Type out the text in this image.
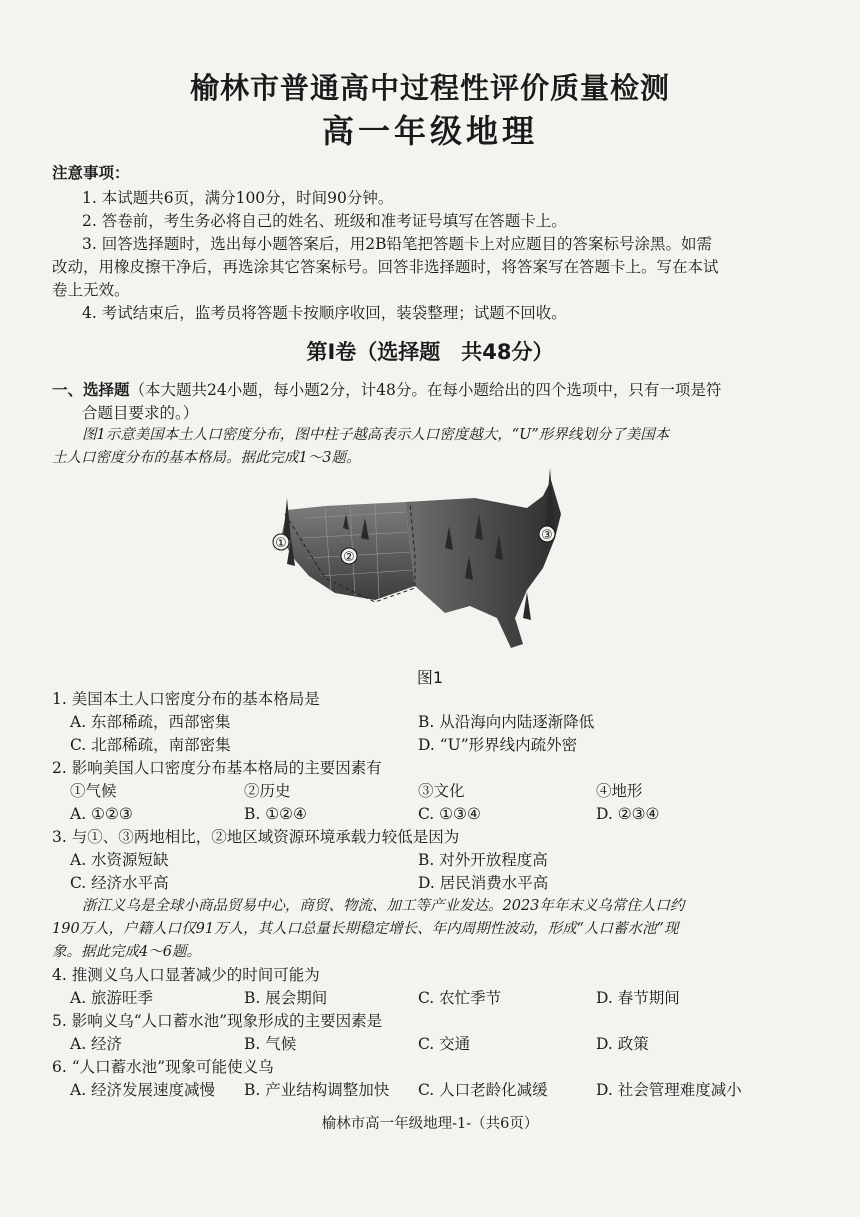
榆林市普通高中过程性评价质量检测
高一年级地理
注意事项：
1. 本试题共6页，满分100分，时间90分钟。
2. 答卷前，考生务必将自己的姓名、班级和准考证号填写在答题卡上。
3. 回答选择题时，选出每小题答案后，用2B铅笔把答题卡上对应题目的答案标号涂黑。如需
改动，用橡皮擦干净后，再选涂其它答案标号。回答非选择题时，将答案写在答题卡上。写在本试
卷上无效。
4. 考试结束后，监考员将答题卡按顺序收回，装袋整理；试题不回收。
第Ⅰ卷（选择题　共48分）
一、选择题（本大题共24小题，每小题2分，计48分。在每小题给出的四个选项中，只有一项是符
合题目要求的。）
图1示意美国本土人口密度分布，图中柱子越高表示人口密度越大，“U”形界线划分了美国本
土人口密度分布的基本格局。据此完成1～3题。
①
②
③
图1
1. 美国本土人口密度分布的基本格局是
A. 东部稀疏，西部密集	B. 从沿海向内陆逐渐降低
C. 北部稀疏，南部密集	D. “U”形界线内疏外密
2. 影响美国人口密度分布基本格局的主要因素有
①气候	②历史	③文化	④地形
A. ①②③	B. ①②④	C. ①③④	D. ②③④
3. 与①、③两地相比，②地区域资源环境承载力较低是因为
A. 水资源短缺	B. 对外开放程度高
C. 经济水平高	D. 居民消费水平高
浙江义乌是全球小商品贸易中心，商贸、物流、加工等产业发达。2023年年末义乌常住人口约
190万人，户籍人口仅91万人，其人口总量长期稳定增长、年内周期性波动，形成“人口蓄水池”现
象。据此完成4～6题。
4. 推测义乌人口显著减少的时间可能为
A. 旅游旺季	B. 展会期间	C. 农忙季节	D. 春节期间
5. 影响义乌“人口蓄水池”现象形成的主要因素是
A. 经济	B. 气候	C. 交通	D. 政策
6. “人口蓄水池”现象可能使义乌
A. 经济发展速度减慢 B. 产业结构调整加快 C. 人口老龄化减缓	D. 社会管理难度减小
榆林市高一年级地理-1-（共6页）
